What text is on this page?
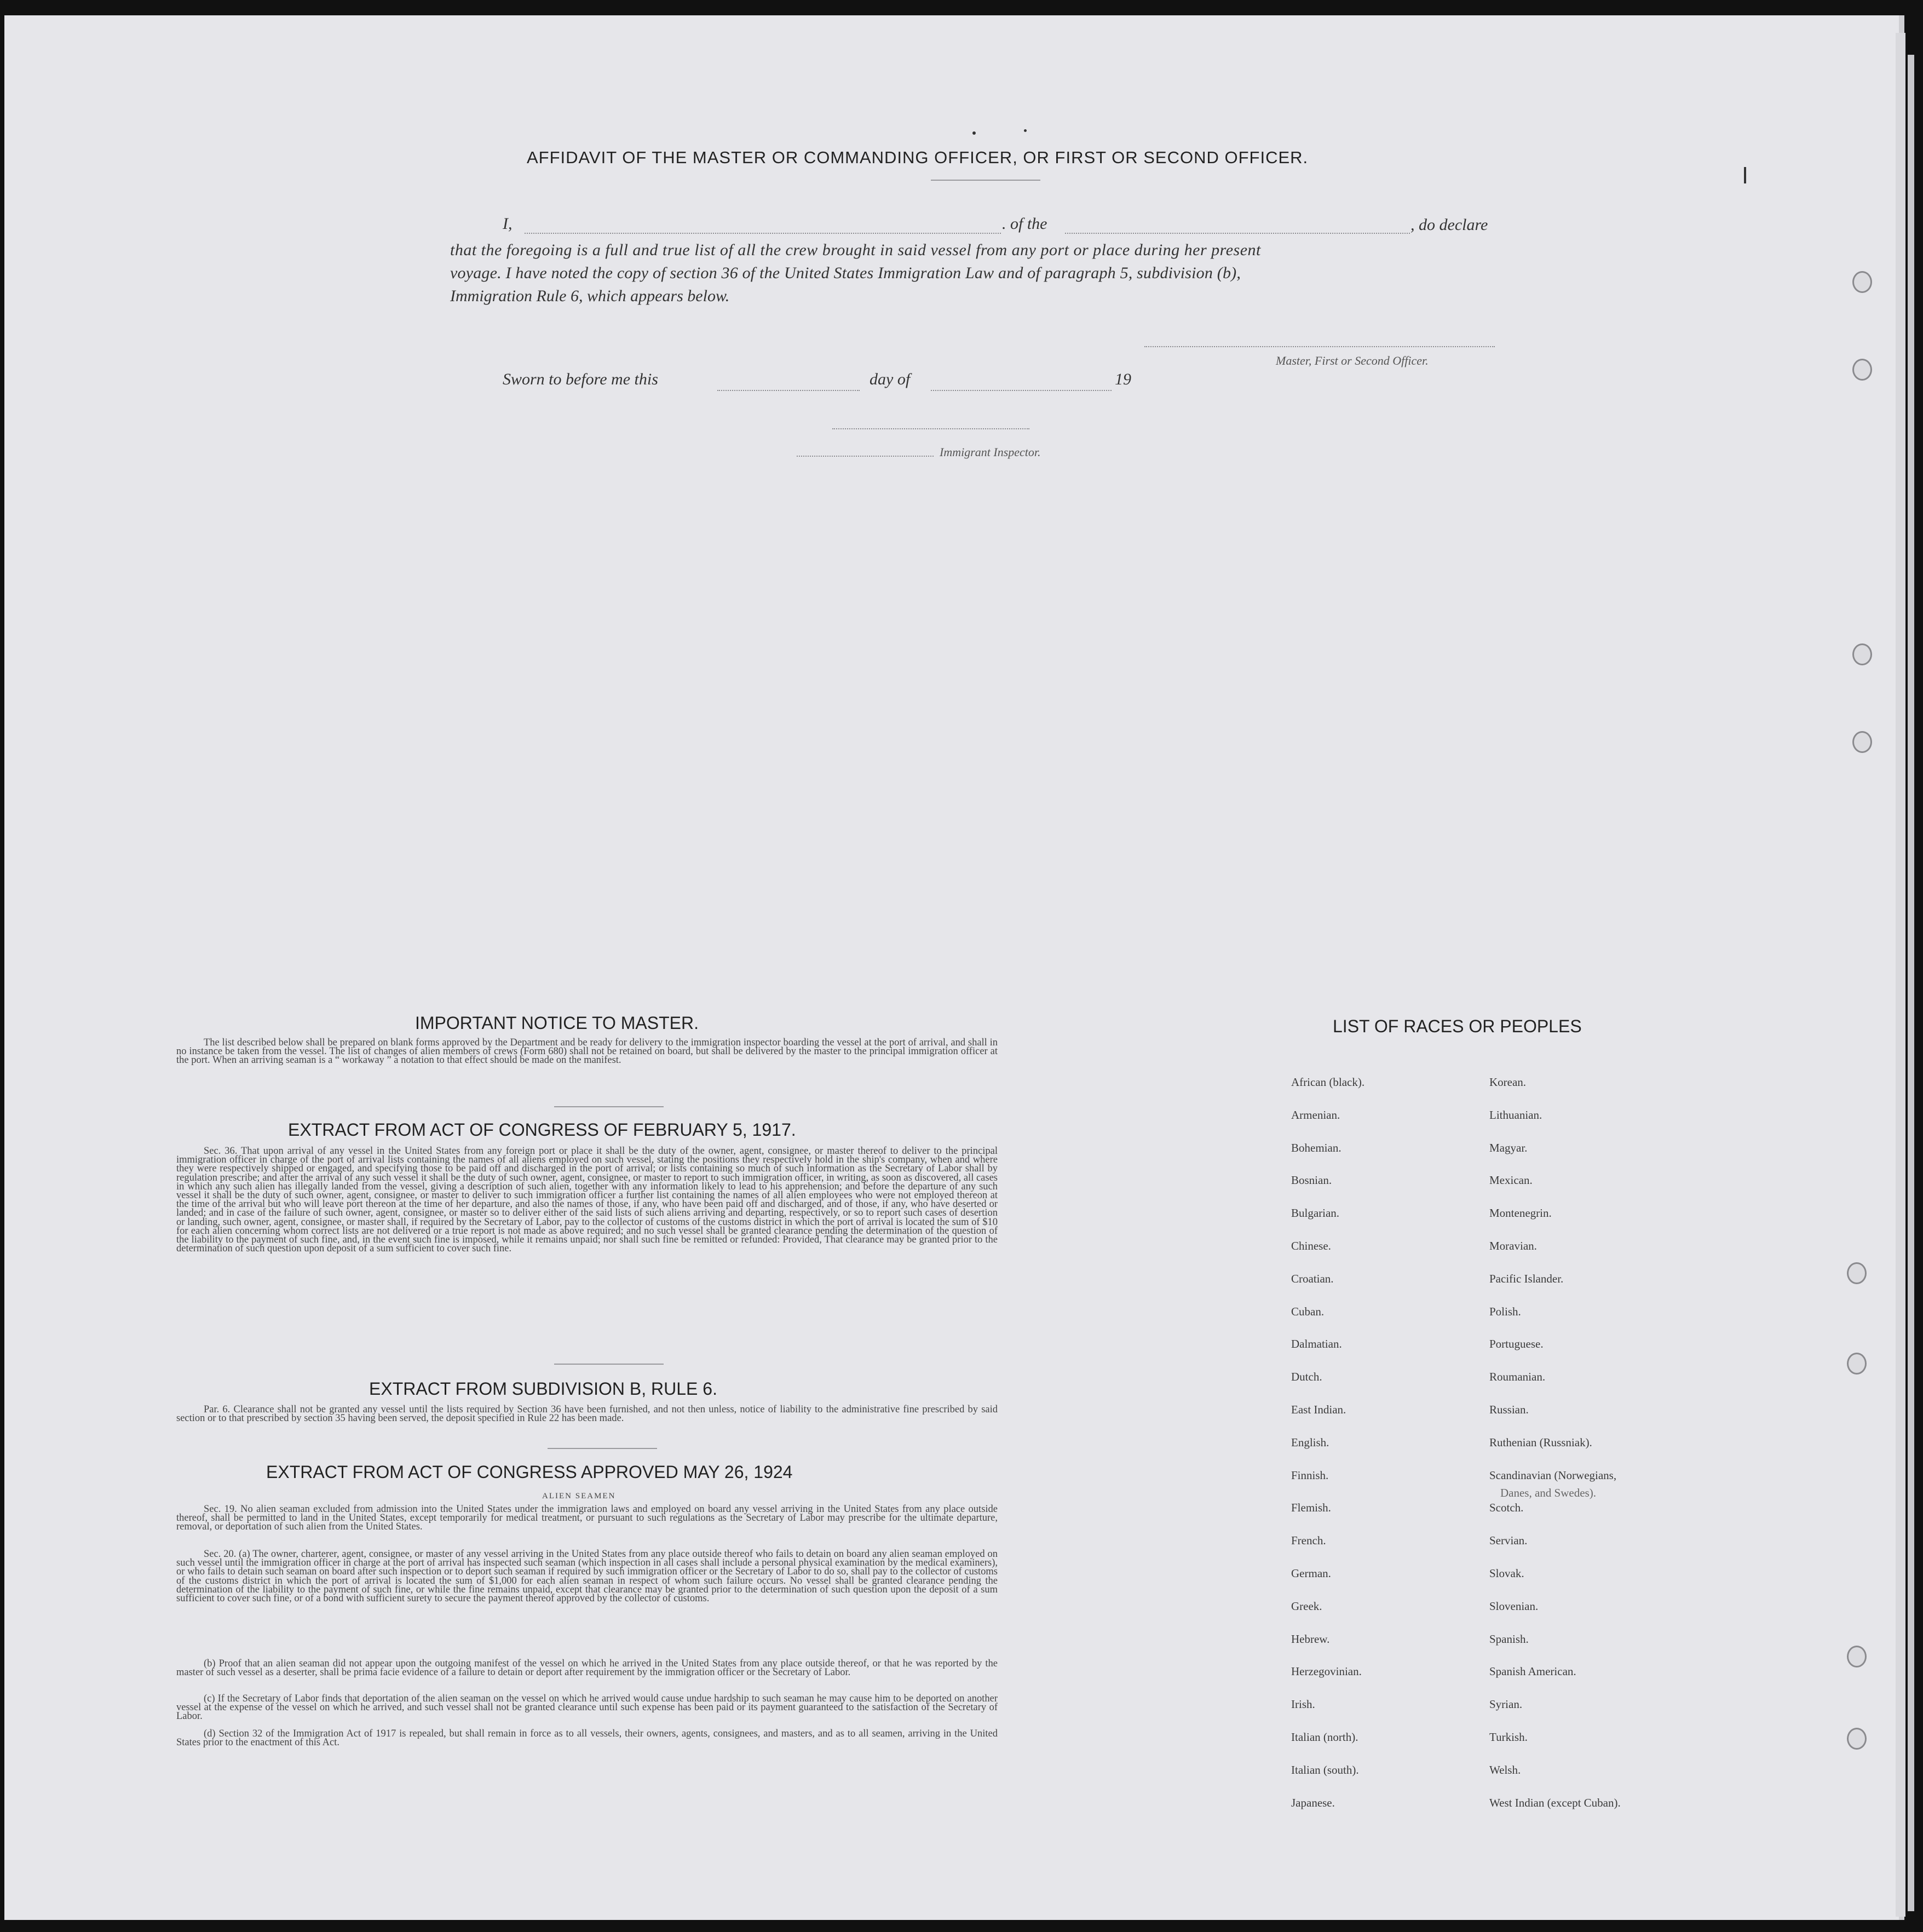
AFFIDAVIT OF THE MASTER OR COMMANDING OFFICER, OR FIRST OR SECOND OFFICER.
I,	. of the	, do declare
that the foregoing is a full and true list of all the crew brought in said vessel from any port or place during her present
voyage. I have noted the copy of section 36 of the United States Immigration Law and of paragraph 5, subdivision (b),
Immigration Rule 6, which appears below.
Master, First or Second Officer.
Sworn to before me this	day of	19
Immigrant Inspector.
IMPORTANT NOTICE TO MASTER.
The list described below shall be prepared on blank forms approved by the Department and be ready for delivery to the immigration inspector boarding the vessel at the port of arrival, and shall in no instance be taken from the vessel. The list of changes of alien members of crews (Form 680) shall not be retained on board, but shall be delivered by the master to the principal immigration officer at the port. When an arriving seaman is a “ workaway ” a notation to that effect should be made on the manifest.
EXTRACT FROM ACT OF CONGRESS OF FEBRUARY 5, 1917.
Sec. 36. That upon arrival of any vessel in the United States from any foreign port or place it shall be the duty of the owner, agent, consignee, or master thereof to deliver to the principal immigration officer in charge of the port of arrival lists containing the names of all aliens employed on such vessel, stating the positions they respectively hold in the ship's company, when and where they were respectively shipped or engaged, and specifying those to be paid off and discharged in the port of arrival; or lists containing so much of such information as the Secretary of Labor shall by regulation prescribe; and after the arrival of any such vessel it shall be the duty of such owner, agent, consignee, or master to report to such immigration officer, in writing, as soon as discovered, all cases in which any such alien has illegally landed from the vessel, giving a description of such alien, together with any information likely to lead to his apprehension; and before the departure of any such vessel it shall be the duty of such owner, agent, consignee, or master to deliver to such immigration officer a further list containing the names of all alien employees who were not employed thereon at the time of the arrival but who will leave port thereon at the time of her departure, and also the names of those, if any, who have been paid off and discharged, and of those, if any, who have deserted or landed; and in case of the failure of such owner, agent, consignee, or master so to deliver either of the said lists of such aliens arriving and departing, respectively, or so to report such cases of desertion or landing, such owner, agent, consignee, or master shall, if required by the Secretary of Labor, pay to the collector of customs of the customs district in which the port of arrival is located the sum of $10 for each alien concerning whom correct lists are not delivered or a true report is not made as above required; and no such vessel shall be granted clearance pending the determination of the question of the liability to the payment of such fine, and, in the event such fine is imposed, while it remains unpaid; nor shall such fine be remitted or refunded: Provided, That clearance may be granted prior to the determination of such question upon deposit of a sum sufficient to cover such fine.
EXTRACT FROM SUBDIVISION B, RULE 6.
Par. 6. Clearance shall not be granted any vessel until the lists required by Section 36 have been furnished, and not then unless, notice of liability to the administrative fine prescribed by said section or to that prescribed by section 35 having been served, the deposit specified in Rule 22 has been made.
EXTRACT FROM ACT OF CONGRESS APPROVED MAY 26, 1924
ALIEN SEAMEN
Sec. 19. No alien seaman excluded from admission into the United States under the immigration laws and employed on board any vessel arriving in the United States from any place outside thereof, shall be permitted to land in the United States, except temporarily for medical treatment, or pursuant to such regulations as the Secretary of Labor may prescribe for the ultimate departure, removal, or deportation of such alien from the United States.
Sec. 20. (a) The owner, charterer, agent, consignee, or master of any vessel arriving in the United States from any place outside thereof who fails to detain on board any alien seaman employed on such vessel until the immigration officer in charge at the port of arrival has inspected such seaman (which inspection in all cases shall include a personal physical examination by the medical examiners), or who fails to detain such seaman on board after such inspection or to deport such seaman if required by such immigration officer or the Secretary of Labor to do so, shall pay to the collector of customs of the customs district in which the port of arrival is located the sum of $1,000 for each alien seaman in respect of whom such failure occurs. No vessel shall be granted clearance pending the determination of the liability to the payment of such fine, or while the fine remains unpaid, except that clearance may be granted prior to the determination of such question upon the deposit of a sum sufficient to cover such fine, or of a bond with sufficient surety to secure the payment thereof approved by the collector of customs.
(b) Proof that an alien seaman did not appear upon the outgoing manifest of the vessel on which he arrived in the United States from any place outside thereof, or that he was reported by the master of such vessel as a deserter, shall be prima facie evidence of a failure to detain or deport after requirement by the immigration officer or the Secretary of Labor.
(c) If the Secretary of Labor finds that deportation of the alien seaman on the vessel on which he arrived would cause undue hardship to such seaman he may cause him to be deported on another vessel at the expense of the vessel on which he arrived, and such vessel shall not be granted clearance until such expense has been paid or its payment guaranteed to the satisfaction of the Secretary of Labor.
(d) Section 32 of the Immigration Act of 1917 is repealed, but shall remain in force as to all vessels, their owners, agents, consignees, and masters, and as to all seamen, arriving in the United States prior to the enactment of this Act.
LIST OF RACES OR PEOPLES
African (black).
Armenian.
Bohemian.
Bosnian.
Bulgarian.
Chinese.
Croatian.
Cuban.
Dalmatian.
Dutch.
East Indian.
English.
Finnish.
Flemish.
French.
German.
Greek.
Hebrew.
Herzegovinian.
Irish.
Italian (north).
Italian (south).
Japanese.
Korean.
Lithuanian.
Magyar.
Mexican.
Montenegrin.
Moravian.
Pacific Islander.
Polish.
Portuguese.
Roumanian.
Russian.
Ruthenian (Russniak).
Scandinavian (Norwegians,
Scotch.
Servian.
Slovak.
Slovenian.
Spanish.
Spanish American.
Syrian.
Turkish.
Welsh.
West Indian (except Cuban).
Danes, and Swedes).
